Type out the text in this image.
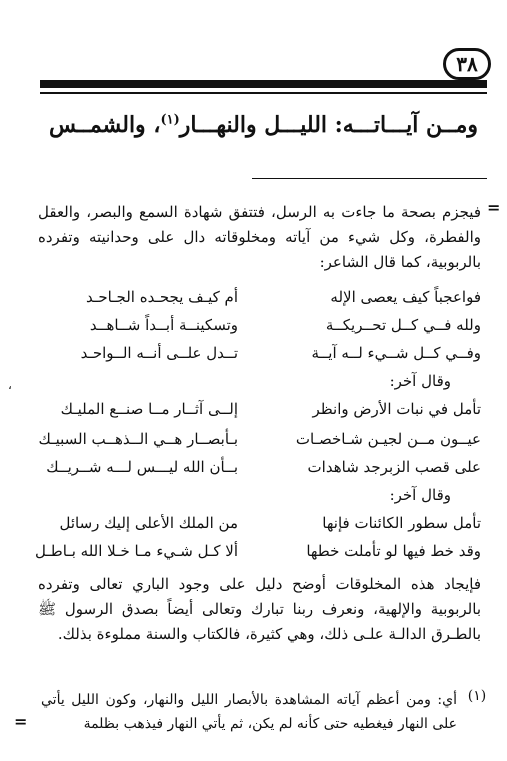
٣٨
ومــن آيـــاتـــه: الليـــل والنهـــار$^{(١)}$، والشمــس
=
،
فيجزم بصحة ما جاءت به الرسل، فتتفق شهادة السمع والبصر، والعقل والفطرة، وكل شيء من آياته ومخلوقاته دال على وحدانيته وتفرده بالربوبية، كما قال الشاعر:
فواعجباً كيف يعصى الإله
أم كيـف يجحـده الجـاحـد
ولله فــي كــل تحــريكــة
وتسكينــة أبــداً شــاهــد
وفــي كــل شــيء لــه آيــة
تــدل علــى أنــه الــواحـد
وقال آخر:
تأمل في نبات الأرض وانظر
إلــى آثــار مــا صنــع المليـك
عيــون مــن لجيـن شـاخصـات
بـأبصــار هــي الــذهــب السبيـك
على قصب الزبرجد شاهدات
بــأن الله ليـــس لـــه شــريــك
وقال آخر:
تأمل سطور الكائنات فإنها
من الملك الأعلى إليك رسائل
وقد خط فيها لو تأملت خطها
ألا كـل شـيء مـا خـلا الله بـاطـل
فإيجاد هذه المخلوقات أوضح دليل على وجود الباري تعالى وتفرده بالربوبية والإلهية، ونعرف ربنا تبارك وتعالى أيضاً بصدق الرسول ﷺ بالطـرق الدالـة علـى ذلك، وهي كثيرة، فالكتاب والسنة مملوءة بذلك.
(١)
أي: ومن أعظم آياته المشاهدة بالأبصار الليل والنهار، وكون الليل يأتي على النهار فيغطيه حتى كأنه لم يكن، ثم يأتي النهار فيذهب بظلمة
=
